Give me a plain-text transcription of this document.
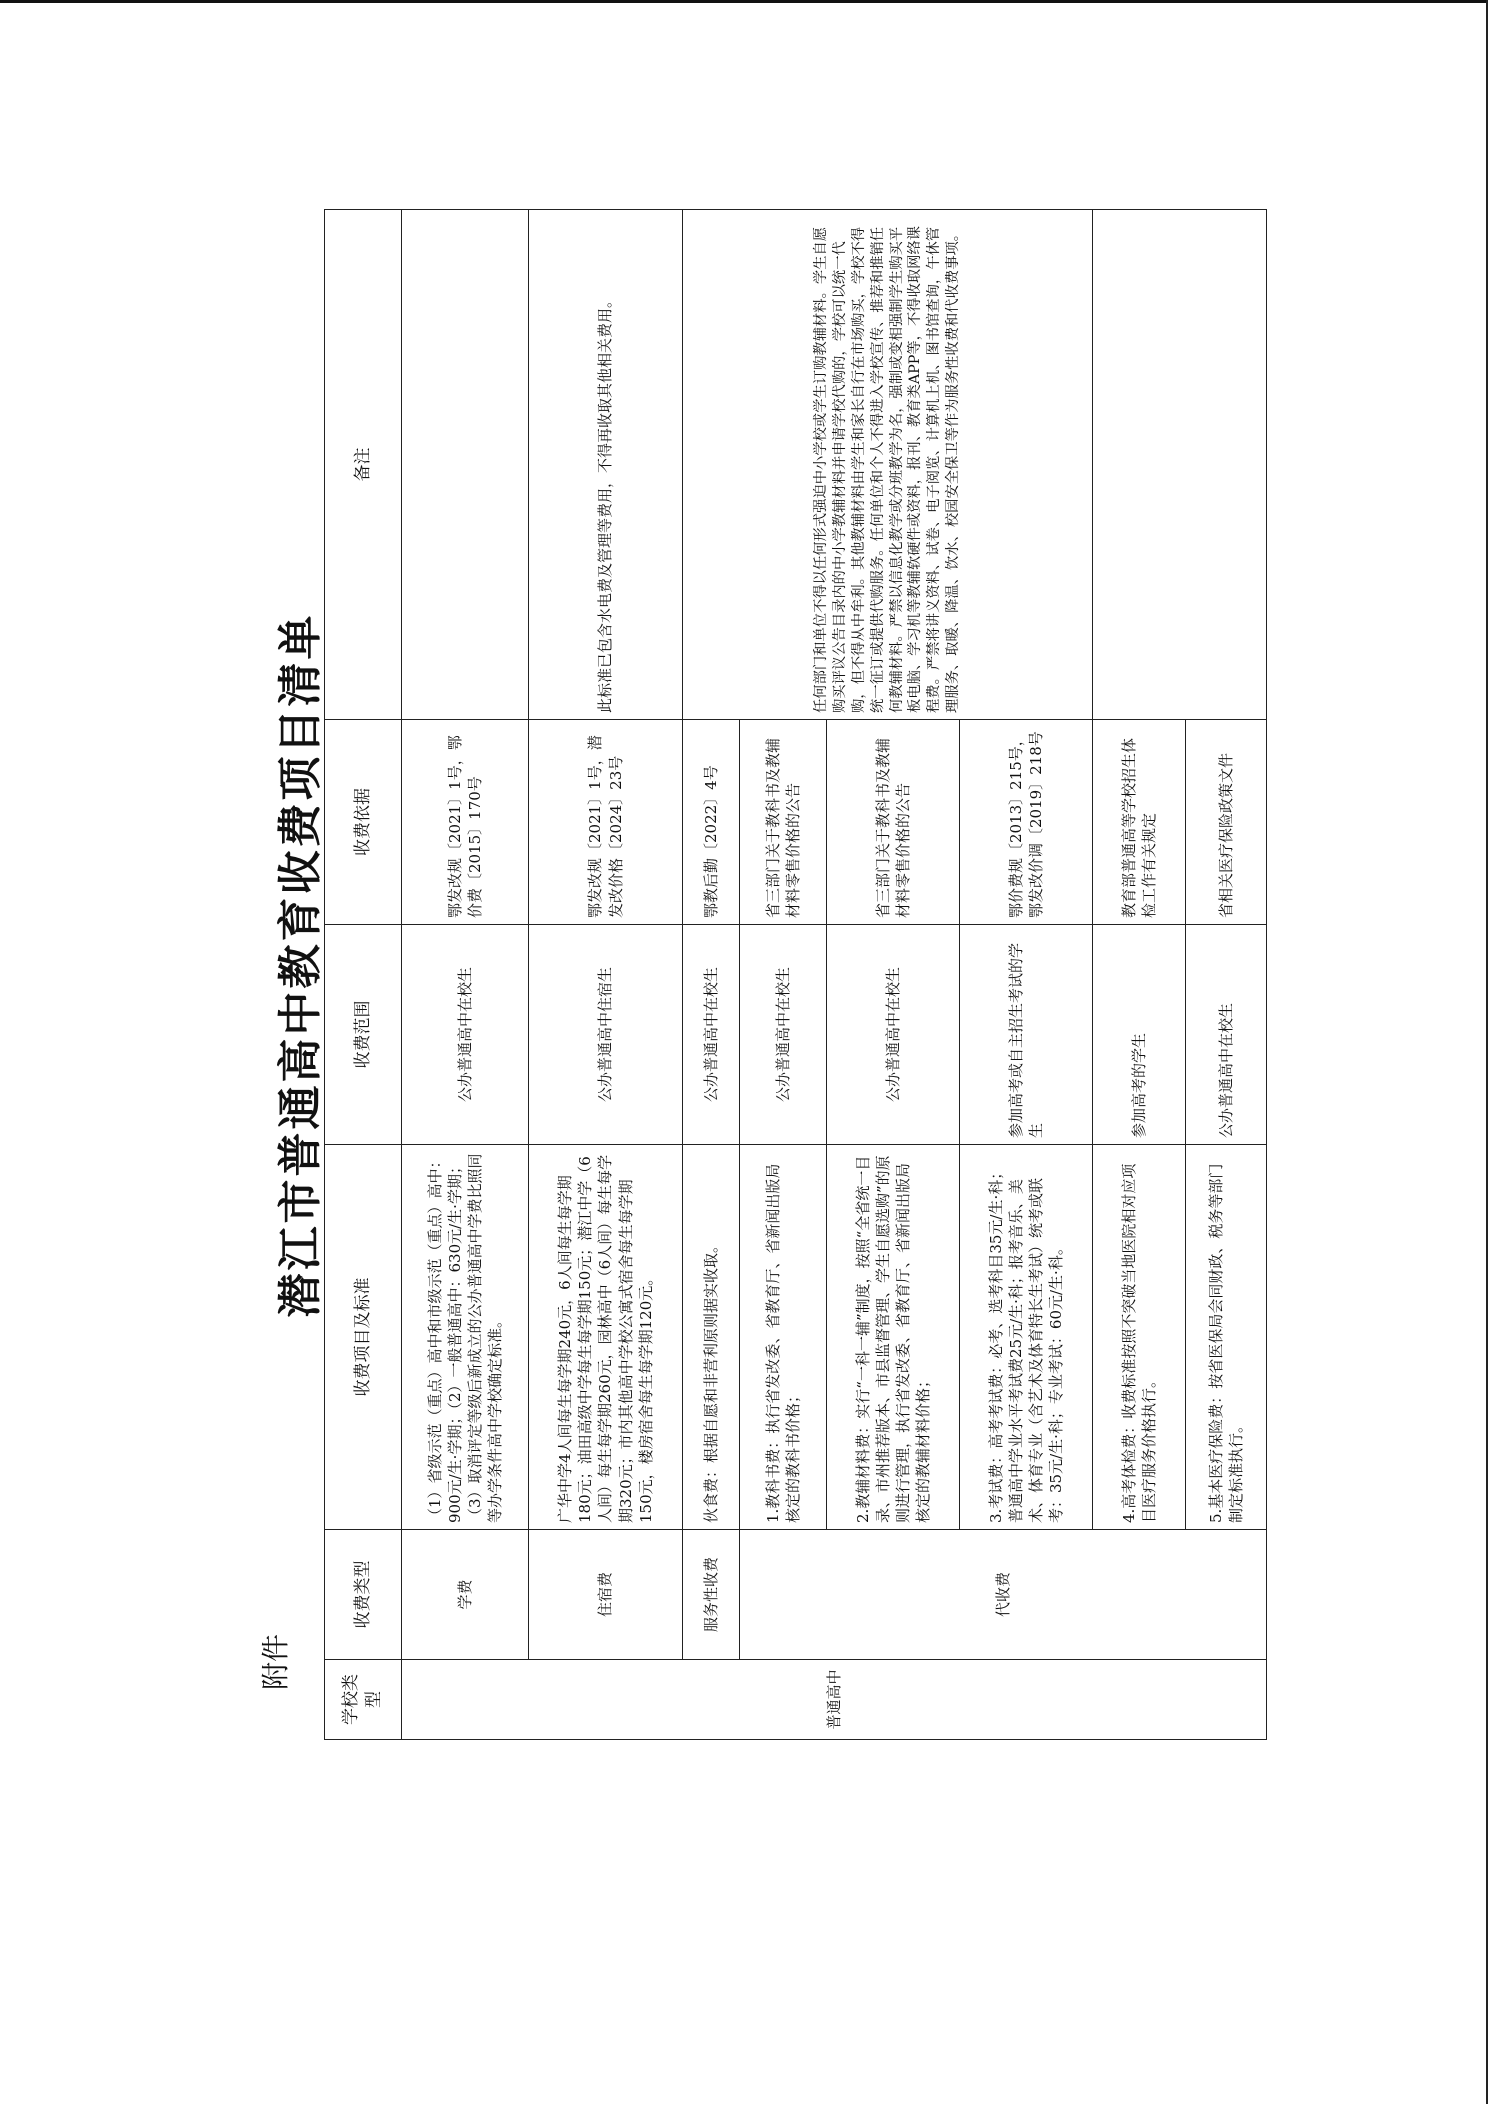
附件
潜江市普通高中教育收费项目清单
学校类型	收费类型	收费项目及标准	收费范围	收费依据	备注
普通高中	学费	（1）省级示范（重点）高中和市级示范（重点）高中：900元/生·学期；（2）一般普通高中：630元/生·学期；（3）取消评定等级后新成立的公办普通高中学费比照同等办学条件高中学校确定标准。	公办普通高中在校生	鄂发改规〔2021〕1号，鄂价费〔2015〕170号	
	住宿费	广华中学4人间每生每学期240元，6人间每生每学期180元；油田高级中学每生每学期150元；潜江中学（6人间）每生每学期260元，园林高中（6人间）每生每学期320元；市内其他高中学校公寓式宿舍每生每学期150元，楼房宿舍每生每学期120元。	公办普通高中住宿生	鄂发改规〔2021〕1号，潜发改价格〔2024〕23号	此标准已包含水电费及管理等费用，不得再收取其他相关费用。
	服务性收费	伙食费：根据自愿和非营利原则据实收取。	公办普通高中在校生	鄂教后勤〔2022〕4号	任何部门和单位不得以任何形式强迫中小学校或学生订购教辅材料。学生自愿购买评议公告目录内的中小学教辅材料并申请学校代购的，学校可以统一代购，但不得从中牟利。其他教辅材料由学生和家长自行在市场购买，学校不得统一征订或提供代购服务。任何单位和个人不得进入学校宣传、推荐和推销任何教辅材料。严禁以信息化教学或分班教学为名，强制或变相强制学生购买平板电脑、学习机等教辅软硬件或资料，报刊、教育类APP等，不得收取网络课程费。严禁将讲义资料、试卷、电子阅览、计算机上机、图书馆查询，午休管理服务、取暖、降温、饮水、校园安全保卫等作为服务性收费和代收费事项。
	代收费	1.教科书费：执行省发改委、省教育厅、省新闻出版局核定的教科书价格；	公办普通高中在校生	省三部门关于教科书及教辅材料零售价格的公告	
		2.教辅材料费：实行“一科一辅”制度，按照“全省统一目录、市州推荐版本、市县监督管理、学生自愿选购”的原则进行管理，执行省发改委、省教育厅、省新闻出版局核定的教辅材料价格；	公办普通高中在校生	省三部门关于教科书及教辅材料零售价格的公告	
		3.考试费：高考考试费：必考、选考科目35元/生·科；普通高中学业水平考试费25元/生·科；报考音乐、美术、体育专业（含艺术及体育特长生考试）统考或联考：35元/生·科；专业考试：60元/生·科。	参加高考或自主招生考试的学生	鄂价费规〔2013〕215号，鄂发改价调〔2019〕218号	
		4.高考体检费：收费标准按照不突破当地医院相对应项目医疗服务价格执行。	参加高考的学生	教育部普通高等学校招生体检工作有关规定	
		5.基本医疗保险费：按省医保局会同财政、税务等部门制定标准执行。	公办普通高中在校生	省相关医疗保险政策文件	
